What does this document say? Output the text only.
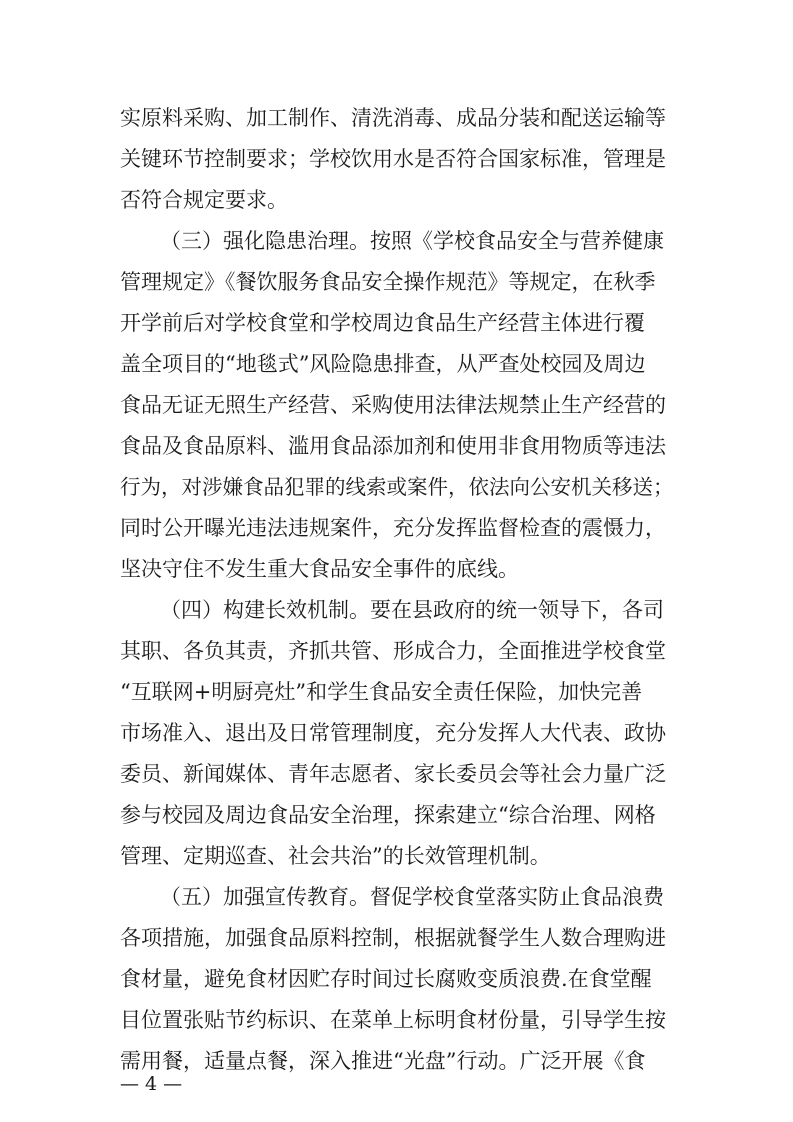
实原料采购、加工制作、清洗消毒、成品分装和配送运输等
关键环节控制要求；学校饮用水是否符合国家标准，管理是
否符合规定要求。
（三）强化隐患治理。按照《学校食品安全与营养健康
管理规定》《餐饮服务食品安全操作规范》等规定，在秋季
开学前后对学校食堂和学校周边食品生产经营主体进行覆
盖全项目的“地毯式”风险隐患排查，从严查处校园及周边
食品无证无照生产经营、采购使用法律法规禁止生产经营的
食品及食品原料、滥用食品添加剂和使用非食用物质等违法
行为，对涉嫌食品犯罪的线索或案件，依法向公安机关移送；
同时公开曝光违法违规案件，充分发挥监督检查的震慑力，
坚决守住不发生重大食品安全事件的底线。
（四）构建长效机制。要在县政府的统一领导下，各司
其职、各负其责，齐抓共管、形成合力，全面推进学校食堂
“互联网+明厨亮灶”和学生食品安全责任保险，加快完善
市场准入、退出及日常管理制度，充分发挥人大代表、政协
委员、新闻媒体、青年志愿者、家长委员会等社会力量广泛
参与校园及周边食品安全治理，探索建立“综合治理、网格
管理、定期巡查、社会共治”的长效管理机制。
（五）加强宣传教育。督促学校食堂落实防止食品浪费
各项措施，加强食品原料控制，根据就餐学生人数合理购进
食材量，避免食材因贮存时间过长腐败变质浪费.在食堂醒
目位置张贴节约标识、在菜单上标明食材份量，引导学生按
需用餐，适量点餐，深入推进“光盘”行动。广泛开展《食
— 4 —
